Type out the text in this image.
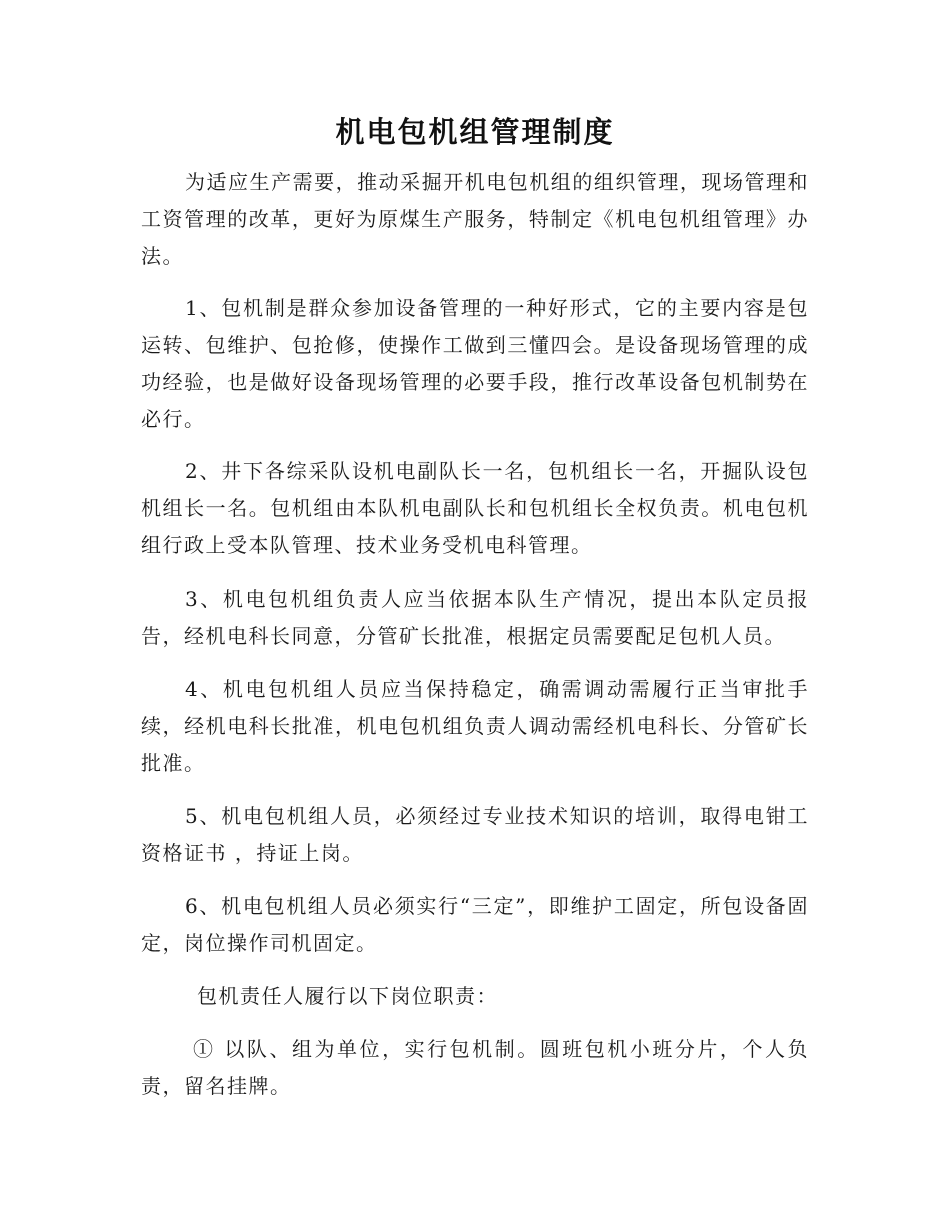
机电包机组管理制度

为适应生产需要，推动采掘开机电包机组的组织管理，现场管理和工资管理的改革，更好为原煤生产服务，特制定《机电包机组管理》办法。

1、包机制是群众参加设备管理的一种好形式，它的主要内容是包运转、包维护、包抢修，使操作工做到三懂四会。是设备现场管理的成功经验，也是做好设备现场管理的必要手段，推行改革设备包机制势在必行。

2、井下各综采队设机电副队长一名，包机组长一名，开掘队设包机组长一名。包机组由本队机电副队长和包机组长全权负责。机电包机组行政上受本队管理、技术业务受机电科管理。

3、机电包机组负责人应当依据本队生产情况，提出本队定员报告，经机电科长同意，分管矿长批准，根据定员需要配足包机人员。

4、机电包机组人员应当保持稳定，确需调动需履行正当审批手续，经机电科长批准，机电包机组负责人调动需经机电科长、分管矿长批准。

5、机电包机组人员，必须经过专业技术知识的培训，取得电钳工资格证书 ，持证上岗。

6、机电包机组人员必须实行“三定”，即维护工固定，所包设备固定，岗位操作司机固定。

包机责任人履行以下岗位职责：

① 以队、组为单位，实行包机制。圆班包机小班分片，个人负责，留名挂牌。
